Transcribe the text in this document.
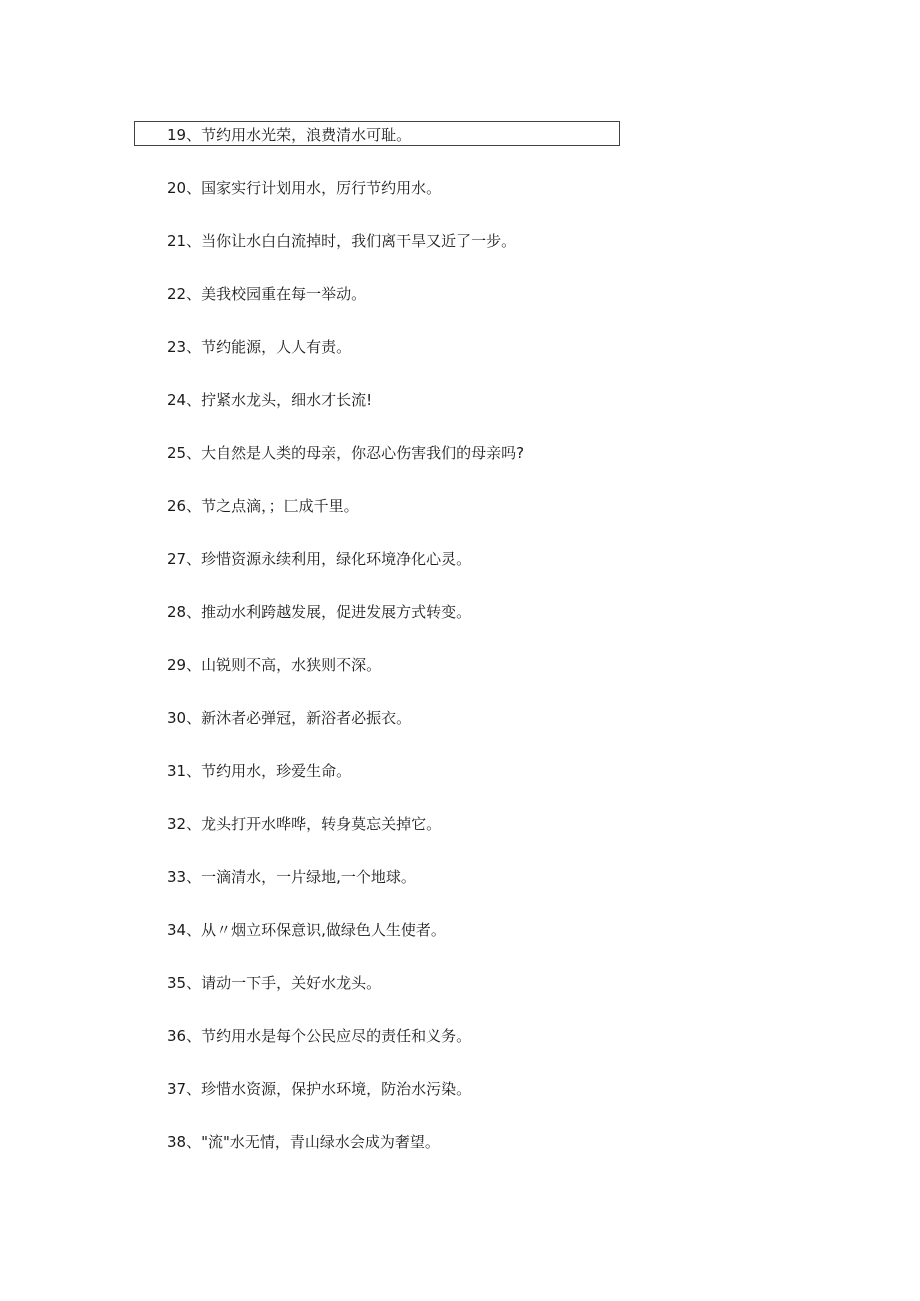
19、节约用水光荣，浪费清水可耻。
20、国家实行计划用水，厉行节约用水。
21、当你让水白白流掉时，我们离干旱又近了一步。
22、美我校园重在每一举动。
23、节约能源，人人有责。
24、拧紧水龙头，细水才长流!
25、大自然是人类的母亲，你忍心伤害我们的母亲吗?
26、节之点滴，；匚成千里。
27、珍惜资源永续利用，绿化环境净化心灵。
28、推动水利跨越发展，促进发展方式转变。
29、山锐则不高，水狭则不深。
30、新沐者必弹冠，新浴者必振衣。
31、节约用水，珍爱生命。
32、龙头打开水哗哗，转身莫忘关掉它。
33、一滴清水，一片绿地,一个地球。
34、从〃烟立环保意识,做绿色人生使者。
35、请动一下手，关好水龙头。
36、节约用水是每个公民应尽的责任和义务。
37、珍惜水资源，保护水环境，防治水污染。
38、"流"水无情，青山绿水会成为奢望。
